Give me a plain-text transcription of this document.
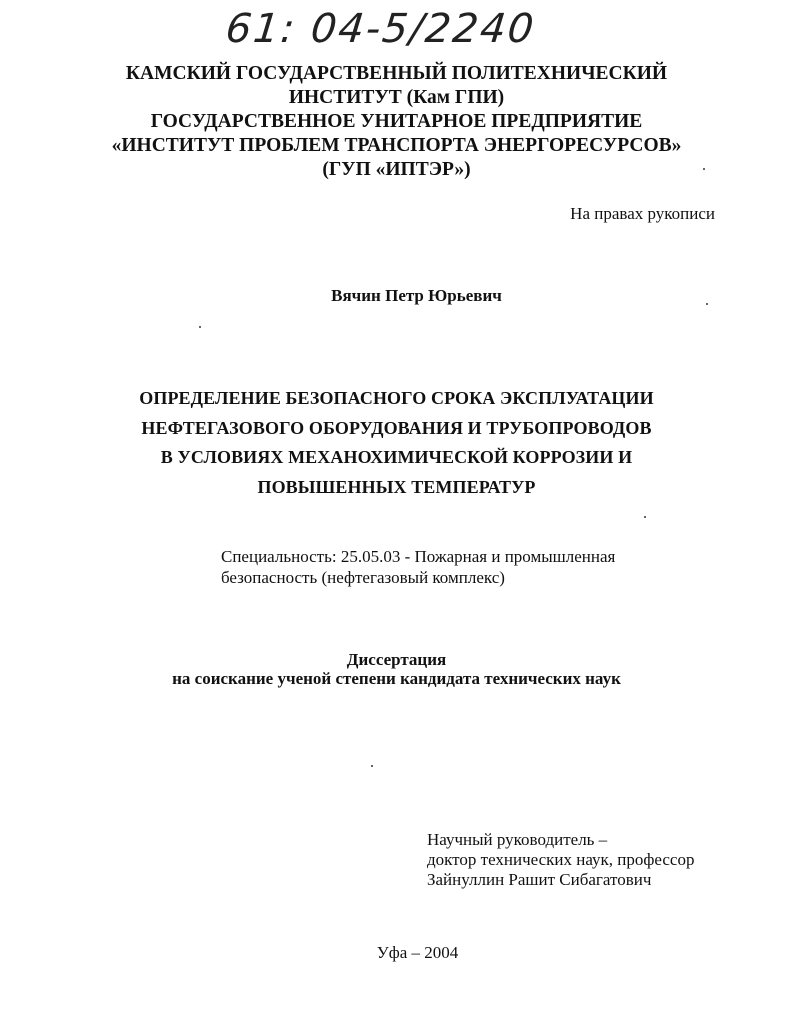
61: 04-5/2240
КАМСКИЙ ГОСУДАРСТВЕННЫЙ ПОЛИТЕХНИЧЕСКИЙ
ИНСТИТУТ (Кам ГПИ)
ГОСУДАРСТВЕННОЕ УНИТАРНОЕ ПРЕДПРИЯТИЕ
«ИНСТИТУТ ПРОБЛЕМ ТРАНСПОРТА ЭНЕРГОРЕСУРСОВ»
(ГУП «ИПТЭР»)
На правах рукописи
Вячин Петр Юрьевич
ОПРЕДЕЛЕНИЕ БЕЗОПАСНОГО СРОКА ЭКСПЛУАТАЦИИ
НЕФТЕГАЗОВОГО ОБОРУДОВАНИЯ И ТРУБОПРОВОДОВ
В УСЛОВИЯХ МЕХАНОХИМИЧЕСКОЙ КОРРОЗИИ И
ПОВЫШЕННЫХ ТЕМПЕРАТУР
Специальность: 25.05.03 - Пожарная и промышленная
безопасность (нефтегазовый комплекс)
Диссертация
на соискание ученой степени кандидата технических наук
Научный руководитель –
доктор технических наук, профессор
Зайнуллин Рашит Сибагатович
Уфа – 2004
